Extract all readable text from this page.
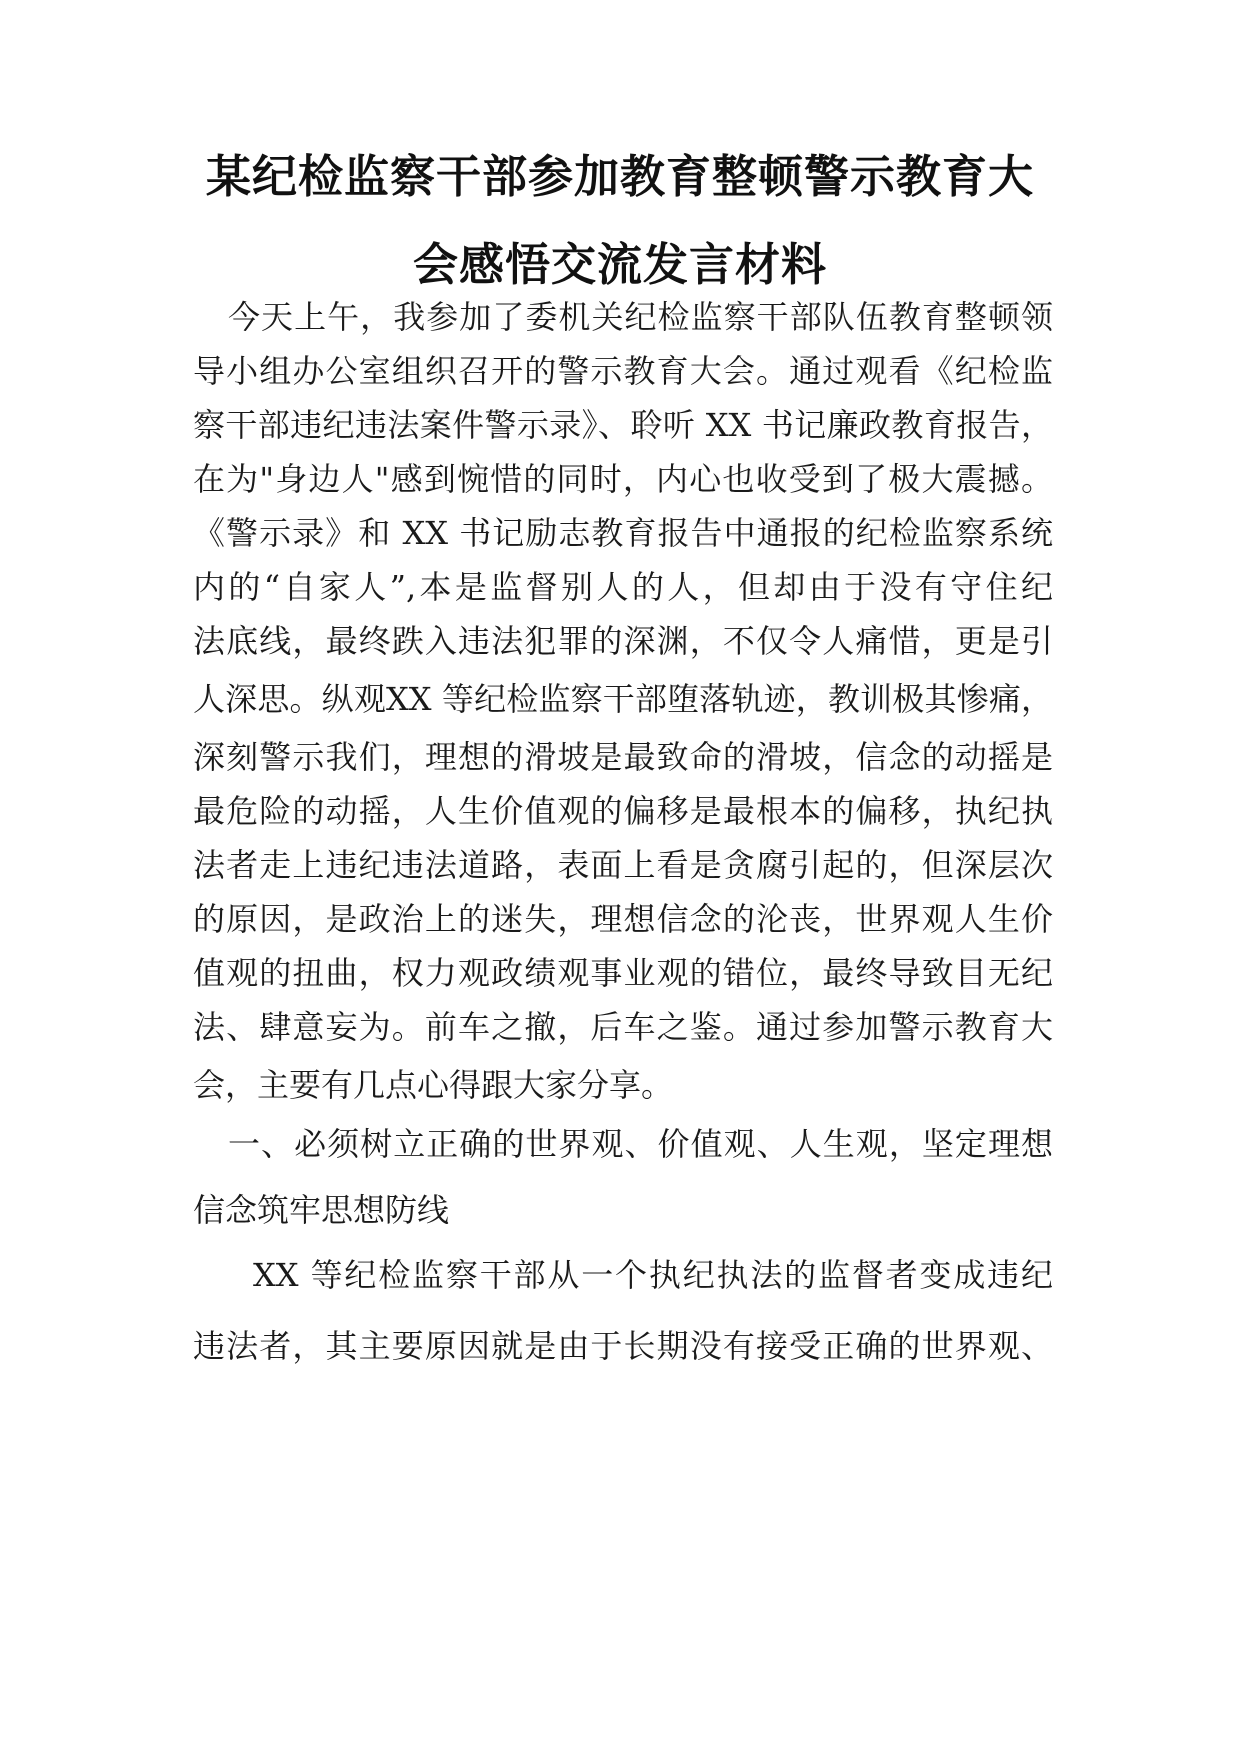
某纪检监察干部参加教育整顿警示教育大
会感悟交流发言材料
今天上午，我参加了委机关纪检监察干部队伍教育整顿领
导小组办公室组织召开的警示教育大会。通过观看《纪检监
察干部违纪违法案件警示录》、聆听 XX 书记廉政教育报告，
在为"身边人"感到惋惜的同时，内心也收受到了极大震撼。
《警示录》和 XX 书记励志教育报告中通报的纪检监察系统
内的“自家人”,本是监督别人的人，但却由于没有守住纪
法底线，最终跌入违法犯罪的深渊，不仅令人痛惜，更是引
人深思。纵观XX 等纪检监察干部堕落轨迹，教训极其惨痛，
深刻警示我们，理想的滑坡是最致命的滑坡，信念的动摇是
最危险的动摇，人生价值观的偏移是最根本的偏移，执纪执
法者走上违纪违法道路，表面上看是贪腐引起的，但深层次
的原因，是政治上的迷失，理想信念的沦丧，世界观人生价
值观的扭曲，权力观政绩观事业观的错位，最终导致目无纪
法、肆意妄为。前车之撤，后车之鉴。通过参加警示教育大
会，主要有几点心得跟大家分享。
一、必须树立正确的世界观、价值观、人生观，坚定理想
信念筑牢思想防线
XX 等纪检监察干部从一个执纪执法的监督者变成违纪
违法者，其主要原因就是由于长期没有接受正确的世界观、
